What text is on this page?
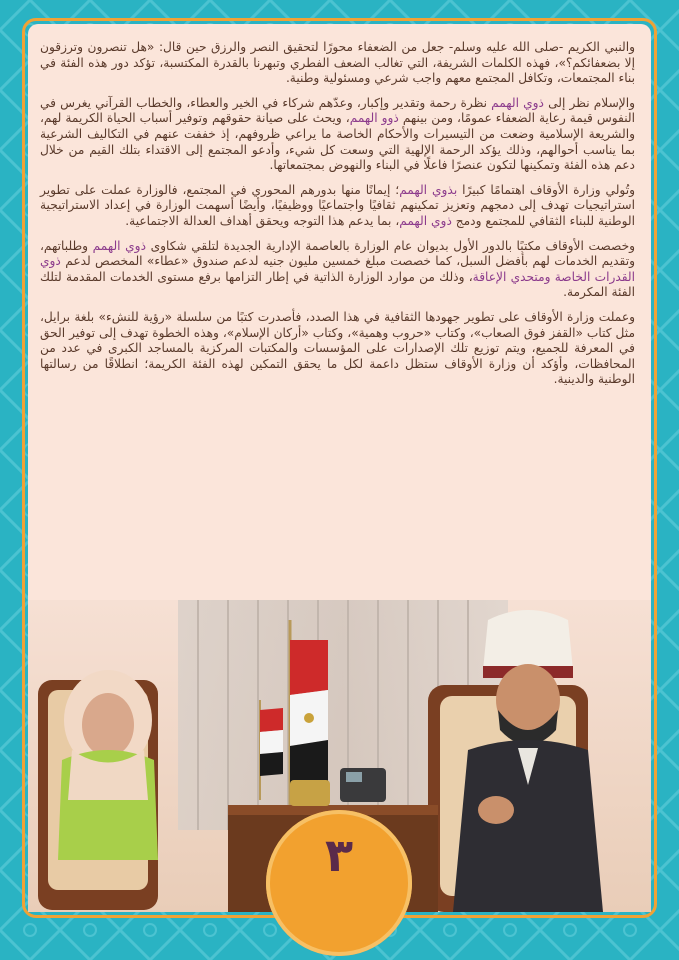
والنبي الكريم -صلى الله عليه وسلم- جعل من الضعفاء محورًا لتحقيق النصر والرزق حين قال: «هل تنصرون وترزقون إلا بضعفائكم؟»، فهذه الكلمات الشريفة، التي تغالب الضعف الفطري وتبهرنا بالقدرة المكتسبة، تؤكد دور هذه الفئة في بناء المجتمعات، وتكافل المجتمع معهم واجب شرعي ومسئولية وطنية.

والإسلام نظر إلى ذوي الهمم نظرة رحمة وتقدير وإكبار، وعدّهم شركاء في الخير والعطاء، والخطاب القرآني يغرس في النفوس قيمة رعاية الضعفاء عمومًا، ومن بينهم ذوو الهمم، ويحث على صيانة حقوقهم وتوفير أسباب الحياة الكريمة لهم، والشريعة الإسلامية وضعت من التيسيرات والأحكام الخاصة ما يراعي ظروفهم، إذ خففت عنهم في التكاليف الشرعية بما يناسب أحوالهم، وذلك يؤكد الرحمة الإلهية التي وسعت كل شيء، وأدعو المجتمع إلى الاقتداء بتلك القيم من خلال دعم هذه الفئة وتمكينها لتكون عنصرًا فاعلًا في البناء والنهوض بمجتمعاتها.

وتُولي وزارة الأوقاف اهتمامًا كبيرًا بذوي الهمم؛ إيمانًا منها بدورهم المحوري في المجتمع، فالوزارة عملت على تطوير استراتيجيات تهدف إلى دمجهم وتعزيز تمكينهم ثقافيًا واجتماعيًا ووظيفيًا، وأيضًا أسهمت الوزارة في إعداد الاستراتيجية الوطنية للبناء الثقافي للمجتمع ودمج ذوي الهمم، بما يدعم هذا التوجه ويحقق أهداف العدالة الاجتماعية.

وخصصت الأوقاف مكتبًا بالدور الأول بديوان عام الوزارة بالعاصمة الإدارية الجديدة لتلقي شكاوى ذوي الهمم وطلباتهم، وتقديم الخدمات لهم بأفضل السبل، كما خصصت مبلغ خمسين مليون جنيه لدعم صندوق «عطاء» المخصص لدعم ذوي القدرات الخاصة ومتحدي الإعاقة، وذلك من موارد الوزارة الذاتية في إطار التزامها برفع مستوى الخدمات المقدمة لتلك الفئة المكرمة.

وعملت وزارة الأوقاف على تطوير جهودها الثقافية في هذا الصدد، فأصدرت كتبًا من سلسلة «رؤية للنشء» بلغة برايل، مثل كتاب «القفز فوق الصعاب»، وكتاب «حروب وهمية»، وكتاب «أركان الإسلام»، وهذه الخطوة تهدف إلى توفير الحق في المعرفة للجميع، ويتم توزيع تلك الإصدارات على المؤسسات والمكتبات المركزية بالمساجد الكبرى في عدد من المحافظات، وأؤكد أن وزارة الأوقاف ستظل داعمة لكل ما يحقق التمكين لهذه الفئة الكريمة؛ انطلاقًا من رسالتها الوطنية والدينية.

٣
